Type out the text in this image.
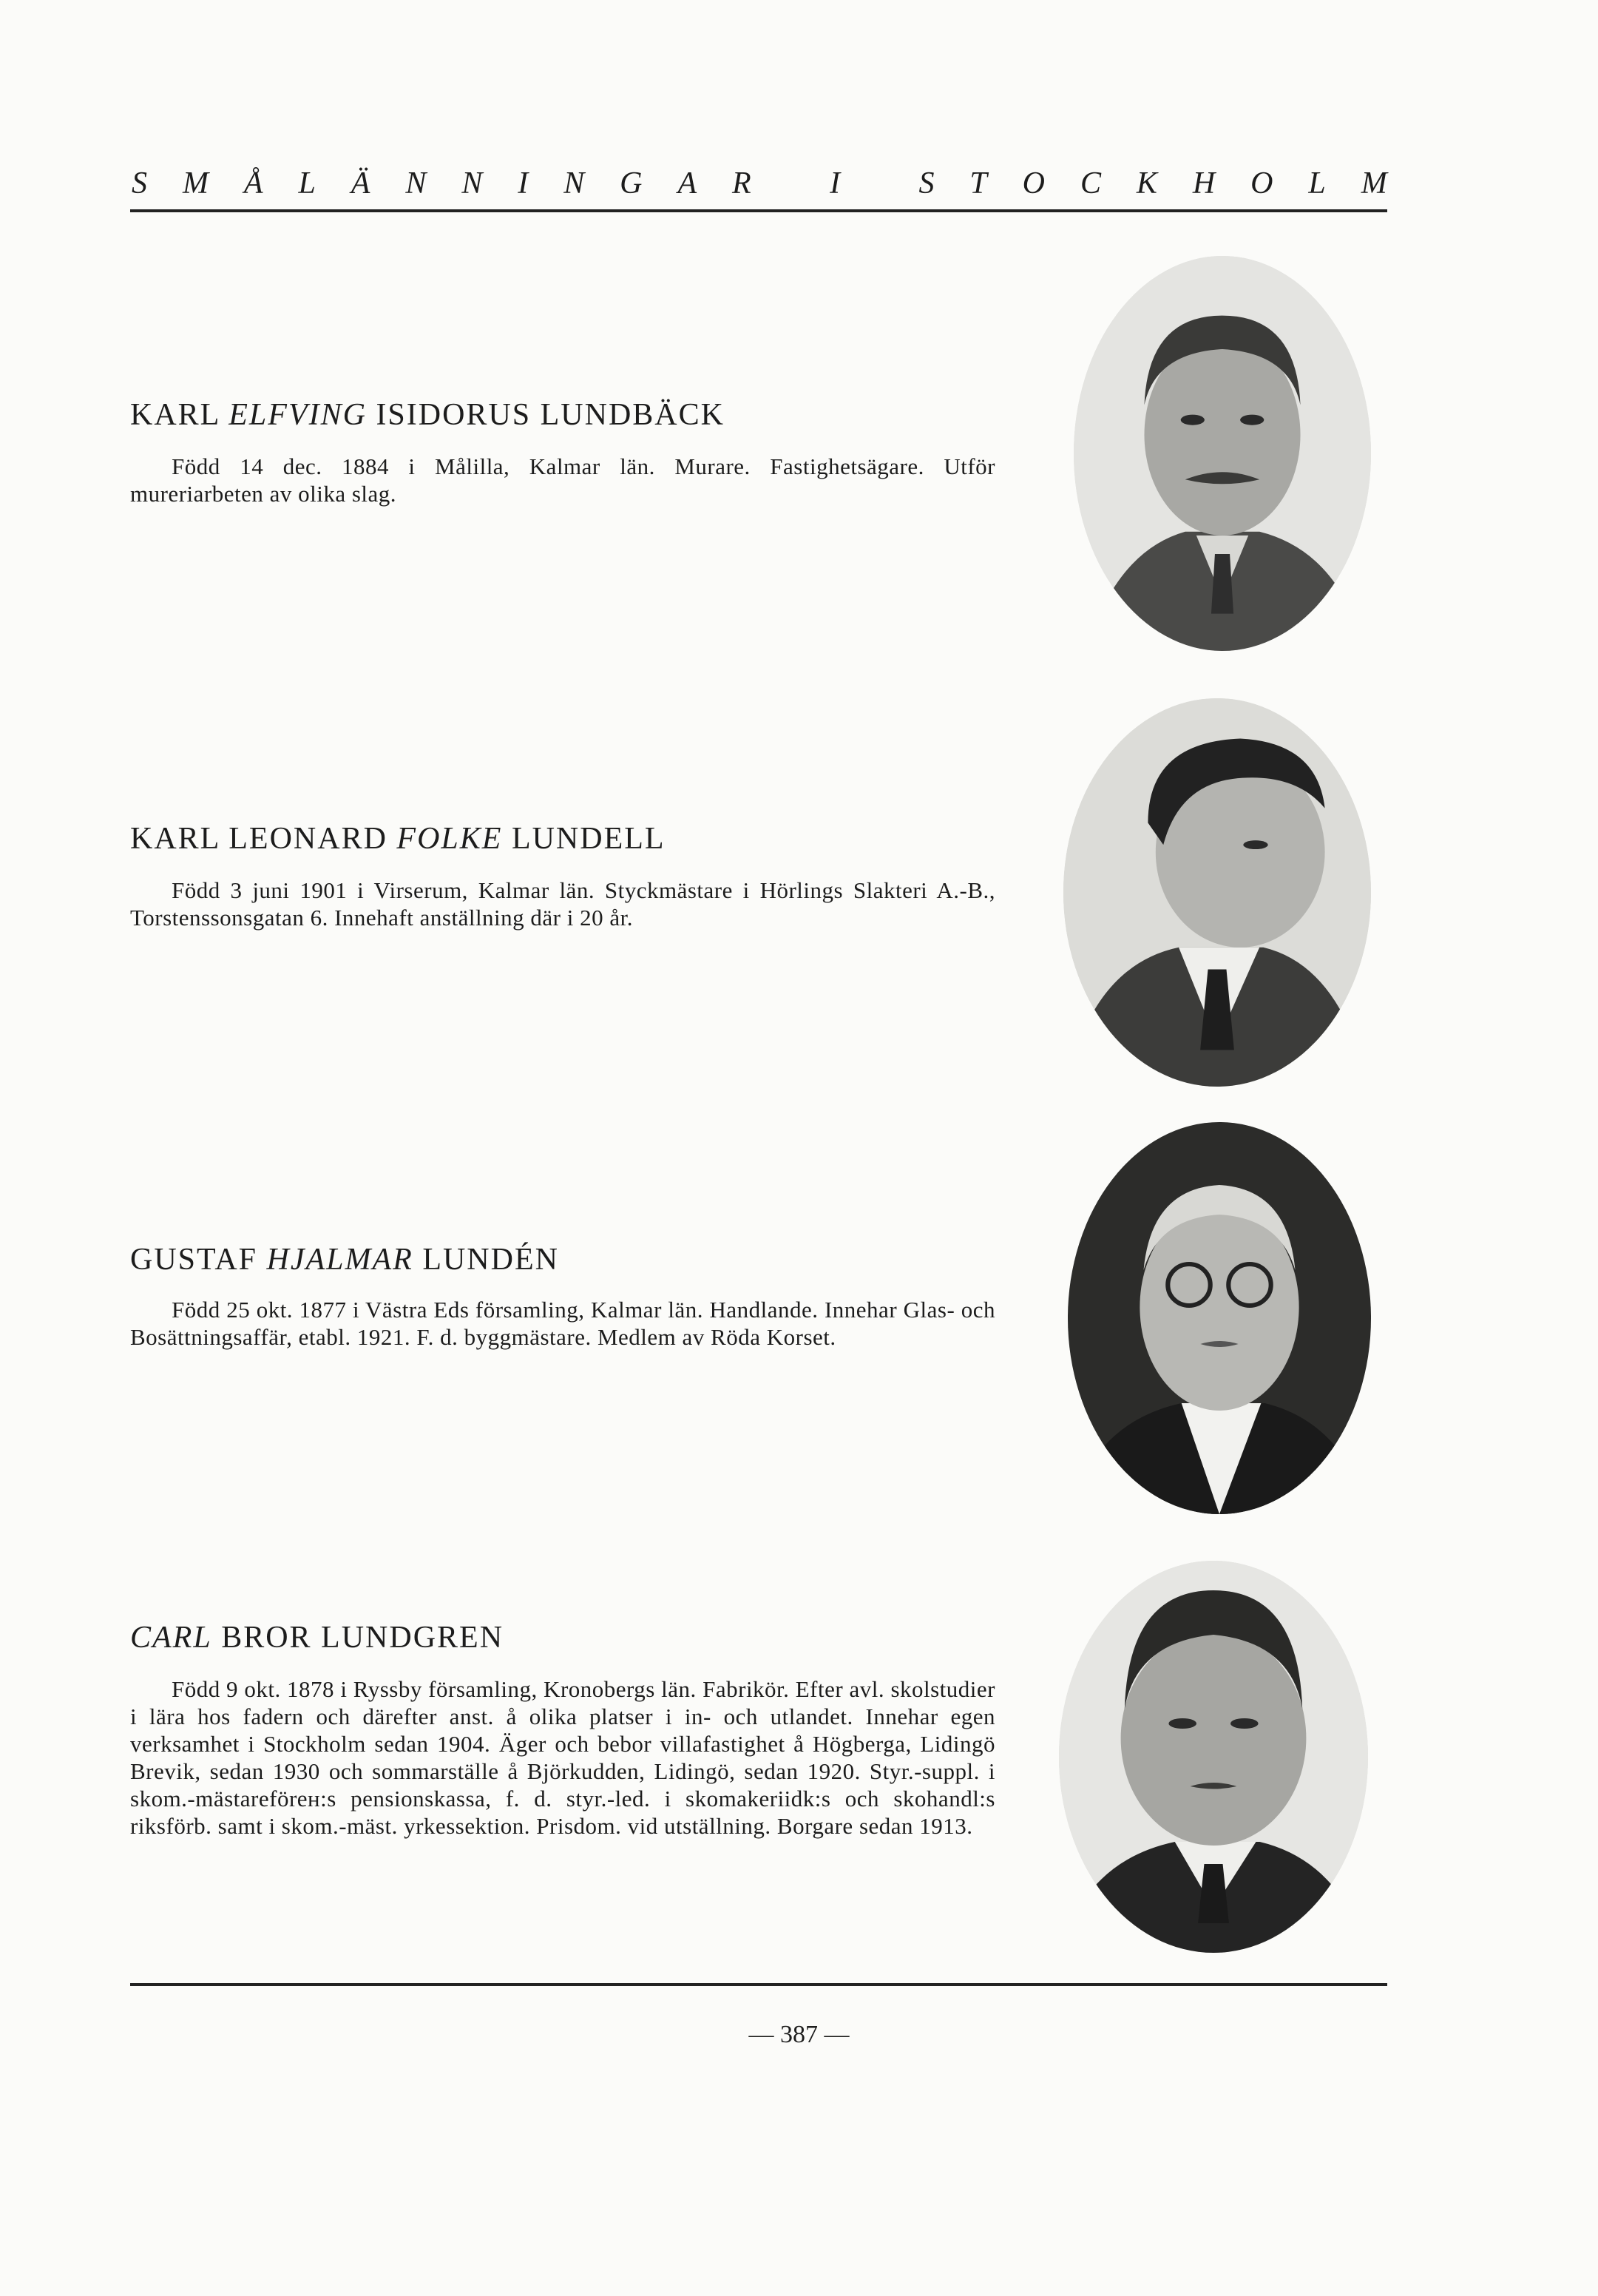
S M Å L Ä N N I N G A R
	I
	S T O C K H O L M
KARL ELFVING ISIDORUS LUNDBÄCK
Född 14 dec. 1884 i Målilla, Kalmar län. Murare. Fastighetsägare. Utför mureriarbeten av olika slag.
KARL LEONARD FOLKE LUNDELL
Född 3 juni 1901 i Virserum, Kalmar län. Styckmästare i Hörlings Slakteri A.-B., Torstenssonsgatan 6. Innehaft anställning där i 20 år.
GUSTAF HJALMAR LUNDÉN
Född 25 okt. 1877 i Västra Eds församling, Kalmar län. Handlande. Innehar Glas- och Bosättningsaffär, etabl. 1921. F. d. byggmästare. Medlem av Röda Korset.
CARL BROR LUNDGREN
Född 9 okt. 1878 i Ryssby församling, Kronobergs län. Fabrikör. Efter avl. skolstudier i lära hos fadern och därefter anst. å olika platser i in- och utlandet. Innehar egen verksamhet i Stockholm sedan 1904. Äger och bebor villafastighet å Högberga, Lidingö Brevik, sedan 1930 och sommarställe å Björkudden, Lidingö, sedan 1920. Styr.-suppl. i skom.-mästareförен:s pensionskassa, f. d. styr.-led. i skomakeriidk:s och skohandl:s riksförb. samt i skom.-mäst. yrkessektion. Prisdom. vid utställning. Borgare sedan 1913.
— 387 —
